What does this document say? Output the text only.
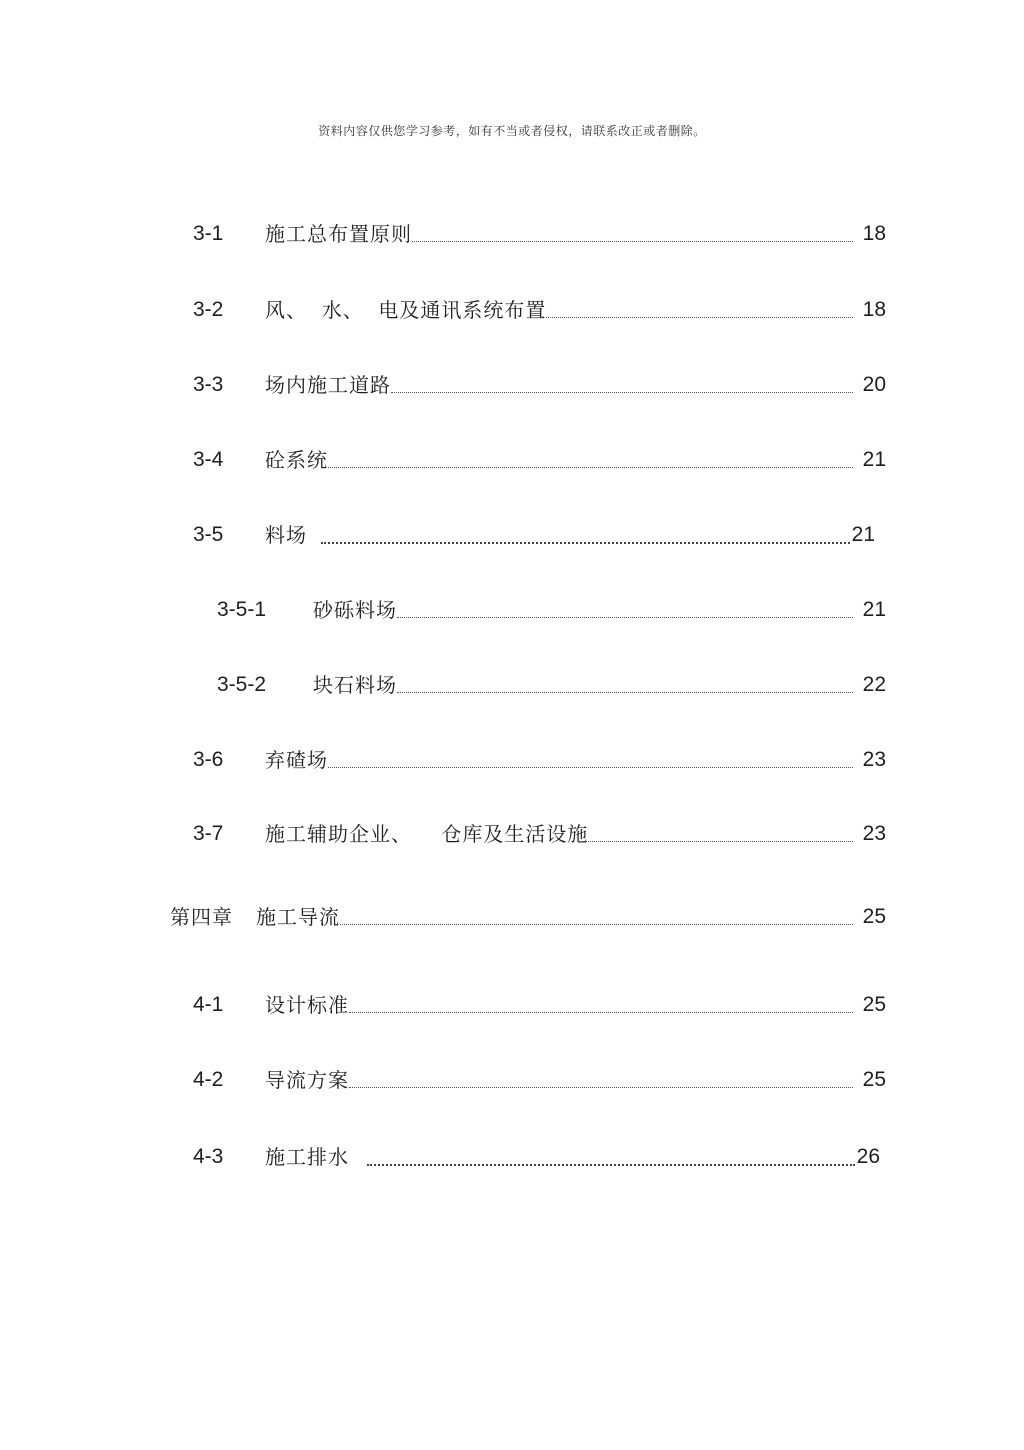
资料内容仅供您学习参考，如有不当或者侵权，请联系改正或者删除。
3-1	施工总布置原则	18
3-2	风、  水、  电及通讯系统布置	18
3-3	场内施工道路	20
3-4	砼系统	21
3-5	料场	21
3-5-1	砂砾料场	21
3-5-2	块石料场	22
3-6	弃碴场	23
3-7	施工辅助企业、    仓库及生活设施	23
第四章	施工导流	25
4-1	设计标准	25
4-2	导流方案	25
4-3	施工排水	26
